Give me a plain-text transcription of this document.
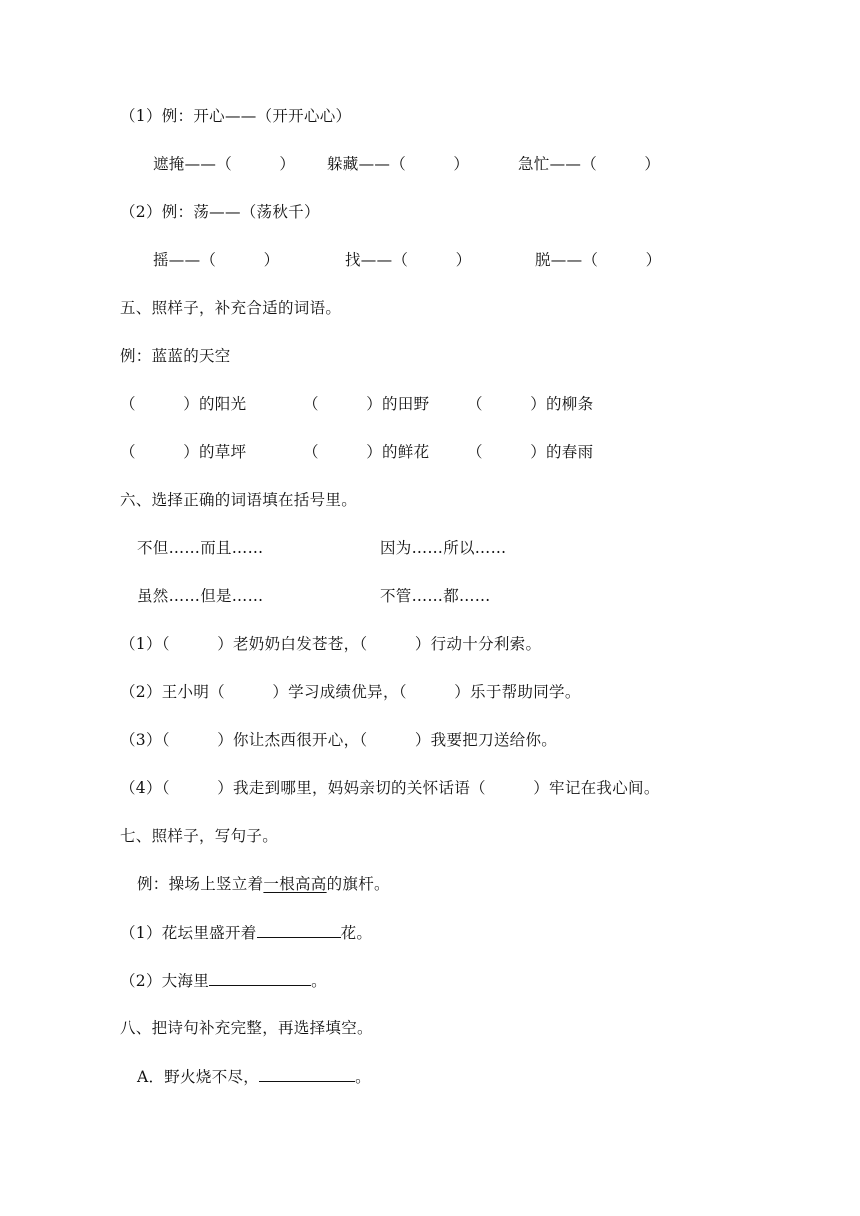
（1）例：开心——（开开心心）
遮掩——（　　　） 躲藏——（　　　）	急忙——（　　　）
（2）例：荡——（荡秋千）
摇——（　　　）	找——（　　　）	脱——（　　　）
五、照样子，补充合适的词语。
例：蓝蓝的天空
（　　　）的阳光	（　　　）的田野 （　　　）的柳条
（　　　）的草坪	（　　　）的鲜花 （　　　）的春雨
六、选择正确的词语填在括号里。
不但……而且……	因为……所以……
虽然……但是……	不管……都……
（1）（　　　）老奶奶白发苍苍，（　　　）行动十分利索。
（2）王小明（　　　）学习成绩优异，（　　　）乐于帮助同学。
（3）（　　　）你让杰西很开心，（　　　）我要把刀送给你。
（4）（　　　）我走到哪里，妈妈亲切的关怀话语（　　　）牢记在我心间。
七、照样子，写句子。
例：操场上竖立着一根高高的旗杆。
（1）花坛里盛开着	花。
（2）大海里	。
八、把诗句补充完整，再选择填空。
A．野火烧不尽，	。
